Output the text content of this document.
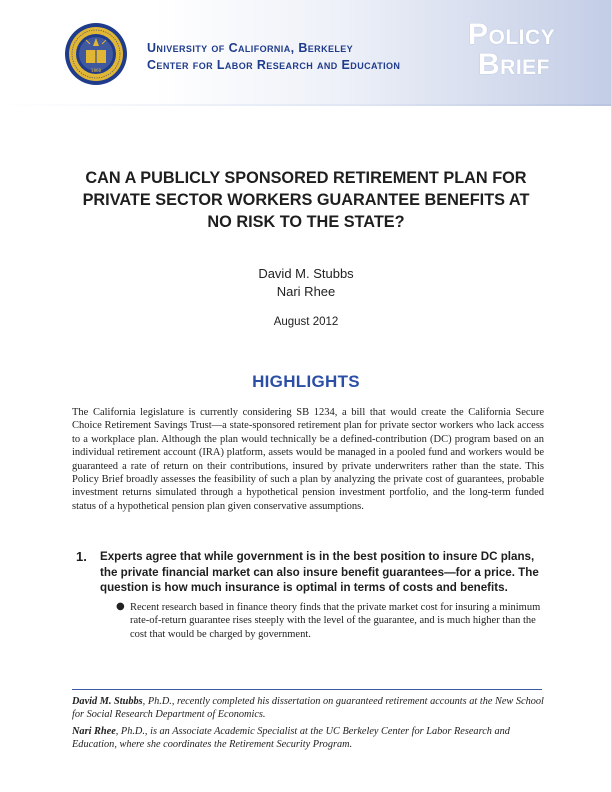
1868
University of California, Berkeley
Center for Labor Research and Education
Policy
Brief
CAN A PUBLICLY SPONSORED RETIREMENT PLAN FOR PRIVATE SECTOR WORKERS GUARANTEE BENEFITS AT NO RISK TO THE STATE?
David M. Stubbs
Nari Rhee
August 2012
HIGHLIGHTS
The California legislature is currently considering SB 1234, a bill that would create the California Secure Choice Retirement Savings Trust—a state-sponsored retirement plan for private sector workers who lack access to a workplace plan. Although the plan would technically be a defined-contribution (DC) program based on an individual retirement account (IRA) platform, assets would be managed in a pooled fund and workers would be guaranteed a rate of return on their contributions, insured by private underwriters rather than the state. This Policy Brief broadly assesses the feasibility of such a plan by analyzing the private cost of guarantees, probable investment returns simulated through a hypothetical pension investment portfolio, and the long-term funded status of a hypothetical pension plan given conservative assumptions.
1. Experts agree that while government is in the best position to insure DC plans, the private financial market can also insure benefit guarantees—for a price. The question is how much insurance is optimal in terms of costs and benefits.
● Recent research based in finance theory finds that the private market cost for insuring a minimum rate-of-return guarantee rises steeply with the level of the guarantee, and is much higher than the cost that would be charged by government.

David M. Stubbs, Ph.D., recently completed his dissertation on guaranteed retirement accounts at the New School for Social Research Department of Economics.

Nari Rhee, Ph.D., is an Associate Academic Specialist at the UC Berkeley Center for Labor Research and Education, where she coordinates the Retirement Security Program.
